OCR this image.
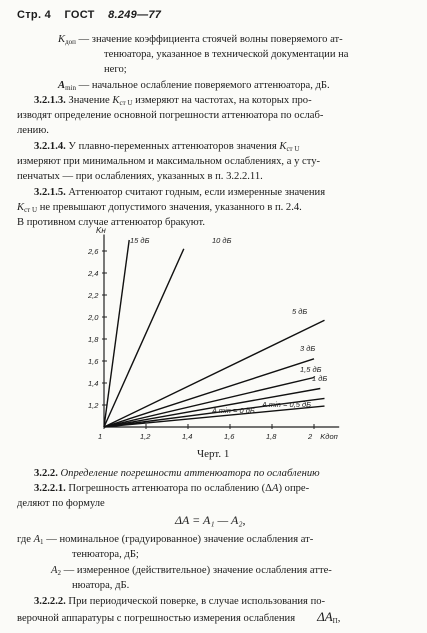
Стр. 4 ГОСТ 8.249—77
$K_{доп}$ — значение коэффициента стоячей волны поверяемого ат-
тенюатора, указанное в технической документации на
него;
$A_{min}$ — начальное ослабление поверяемого аттенюатора, дБ.
3.2.1.3. Значение $K_{ст U}$ измеряют на частотах, на которых про-
изводят определение основной погрешности аттенюатора по ослаб-
лению.
3.2.1.4. У плавно-переменных аттенюаторов значения $K_{ст U}$
измеряют при минимальном и максимальном ослаблениях, а у сту-
пенчатых — при ослаблениях, указанных в п. 3.2.2.11.
3.2.1.5. Аттенюатор считают годным, если измеренные значения
$K_{ст U}$ не превышают допустимого значения, указанного в п. 2.4.
В противном случае аттенюатор бракуют.
1	1,2	1,4	1,6	1,8	2
1,2
1,4
1,6
1,8
2,0
2,2
2,4
2,6
Kн
Kдоп
15 дБ	10 дБ
5 дБ
3 дБ
1,5 дБ
1 дБ
A min = 0,5 дБ
A min = 0 дБ
Черт. 1
3.2.2. Определение погрешности аттенюатора по ослаблению
3.2.2.1. Погрешность аттенюатора по ослаблению (ΔA) опре-
деляют по формуле
ΔA = A₁ — A₂,
где $A_1$ — номинальное (градуированное) значение ослабления ат-
тенюатора, дБ;
$A_2$ — измеренное (действительное) значение ослабления атте-
нюатора, дБ.
3.2.2.2. При периодической поверке, в случае использования по-
верочной аппаратуры с погрешностью измерения ослабления $\Delta A_П$,
